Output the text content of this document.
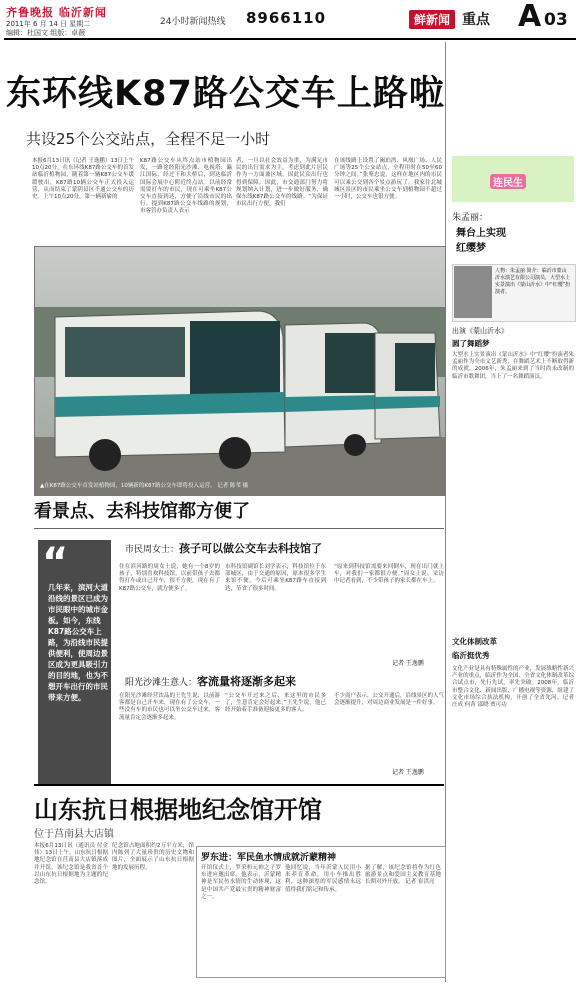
齐鲁晚报 临沂新闻
2011年 6 月 14 日 星期二
编辑：杜国文 组版：卓薇
24小时新闻热线 8966110	鲜新闻 重点 A 03
东环线K87路公交车上路啦
共设25个公交站点，全程不足一小时
本报6月13日讯（记者 王逸鹏）13日上午10点20分，在东环线K87路公交车的首发站临沂植物园，随着第一辆K87公交车缓缓驶出，K87路10辆公交车正式投入运营，从而结束了蒙阴县区不通公交车的历史。上午10点20分，第一辆新崭的
K87路公交车从终点站市植物园出发，一路途经阳光沙滩、电视塔、瀛江国际、经过下和大桥后，到达临沂国际会展中心附近终点站。以前经常需要打车的市民，现在可乘坐K87公交车直接到达，方便了沿线市民的出行。提到K87路公交车线路的规划，市客管办负责人表示
者，一旦以社会效益为重，为满足市民的出行需求为主，考虑到此片居民作为一方面兼区域，因此民众出行也得到保障。因此，市交通部门努力将规划纳入计划，进一步做好服务，确保东线K87路公交车的线路。“为保证市民出行方便，我们
在该线路上设置了阑珀湾、风凰广场、人民广场等25个公交站点，全程用时在50至60分钟之间。”张鉴忠说，这样在地区内的市民可以乘公交到各个景点游玩了。我家住北城城区景区的市民乘坐公交车到植物园不超过一小时，公交车也很方便。
▲在K87路公交车首发站植物园，10辆新的K87路公交车即将投入运营。 记者 陈苇 摄
看景点、去科技馆都方便了
“
几年来，滨河大道沿线的景区已成为市民眼中的城市金板。如今，东线K87路公交车上路，为沿线市民提供便利，使周边景区成为更具吸引力的目的地，也为不想开车出行的市民带来方便。
市民周女士：孩子可以做公交车去科技馆了
住在滨河路的周女士说，她有一个8岁的孩子，特别喜欢科技馆，以前带孩子去都得打车或自己开车，很不方便，现在有了K87路公交车，就方便多了。
市科技馆副馆长刘学表示，科技馆位于东部城区，由于交通的原因，原本很多学生来馆不便，今后可乘坐K87路车直接到达，节省了很多时间。
“原来到科技馆需要来回倒车，现在出门就上车，对我们一家都很方便。”周女士说。采访中记者看到，不少带孩子的家长都在车上。
记者 王逸鹏
阳光沙滩生意人：客流量将逐渐多起来
在阳光沙滩经营饮品的王先生说，以前游客都是自己开车来，现在有了公交车，一些没有车的市民也可以坐公交车过来，客流量肯定会逐渐多起来。
“公交车开过来之后，来这里的市民多了，生意肯定会好起来。”王先生说，他已经开始着手准备迎接更多的客人。
不少商户表示，公交开通后，沿线景区的人气会逐渐提升，对周边商业发展是一件好事。
记者 王逸鹏
山东抗日根据地纪念馆开馆
位于莒南县大店镇
本报6月13日讯（通讯员 付金伟）13日上午，山东抗日根据地纪念馆在莒南县大店镇落成并开馆。该纪念馆是我省首个以山东抗日根据地为主题的纪念馆。
纪念馆占地面积约2万平方米，馆内陈列了大量珍贵的历史文物和图片，全面展示了山东抗日根据地的发展历程。
罗东进：军民鱼水情成就沂蒙精神
开馆仪式上，罗荣桓元帅之子罗东进应邀出席。他表示，沂蒙精神是军民鱼水情的生动体现，这是中国共产党最宝贵的精神财富之一。
他回忆说，当年沂蒙人民用小米养育革命，用小车推出胜利，这种深厚的军民感情永远值得我们铭记和传承。
据了解，该纪念馆将作为红色旅游景点和爱国主义教育基地长期对外开放。 记者 崔洪亮
连民生
朱孟丽：
舞台上实现
红缨梦
人物：朱孟丽 简介：临沂市蒙山沂水演艺有限公司演员，大型水上实景演出《蒙山沂水》中“红缨”扮演者。
出演《蒙山沂水》
圆了舞蹈梦
大型水上实景演出《蒙山沂水》中“红缨”扮演者朱孟丽作为全市文艺新秀，在舞蹈艺术上不断取得新的成就。2006年，朱孟丽来到了当时尚未改制的临沂市歌舞团，当上了一名舞蹈演员。
文化体制改革
临沂挺优秀
文化产业是具有特殊属性的产业，发展战略性新兴产业的重点，临沂作为全国、全省文化体制改革综合试点市，先行先试，率先突破。2008年，临沂市整合文化、新闻出版、广播电视等资源，组建了文化市场综合执法机构，开创了全省先河。记者 庄成 何菁 邵晓 贾可功
